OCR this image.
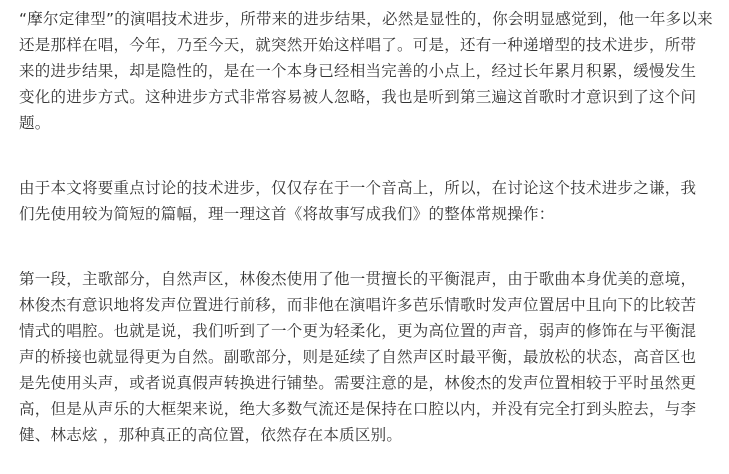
“摩尔定律型”的演唱技术进步，所带来的进步结果，必然是显性的，你会明显感觉到，他一年多以来
还是那样在唱，今年，乃至今天，就突然开始这样唱了。可是，还有一种递增型的技术进步，所带
来的进步结果，却是隐性的，是在一个本身已经相当完善的小点上，经过长年累月积累，缓慢发生
变化的进步方式。这种进步方式非常容易被人忽略，我也是听到第三遍这首歌时才意识到了这个问
题。

由于本文将要重点讨论的技术进步，仅仅存在于一个音高上，所以，在讨论这个技术进步之谦，我
们先使用较为简短的篇幅，理一理这首《将故事写成我们》的整体常规操作：

第一段，主歌部分，自然声区，林俊杰使用了他一贯擅长的平衡混声，由于歌曲本身优美的意境，
林俊杰有意识地将发声位置进行前移，而非他在演唱许多芭乐情歌时发声位置居中且向下的比较苦
情式的唱腔。也就是说，我们听到了一个更为轻柔化，更为高位置的声音，弱声的修饰在与平衡混
声的桥接也就显得更为自然。副歌部分，则是延续了自然声区时最平衡，最放松的状态，高音区也
是先使用头声，或者说真假声转换进行铺垫。需要注意的是，林俊杰的发声位置相较于平时虽然更
高，但是从声乐的大框架来说，绝大多数气流还是保持在口腔以内，并没有完全打到头腔去，与李
健、林志炫 ，那种真正的高位置，依然存在本质区别。
